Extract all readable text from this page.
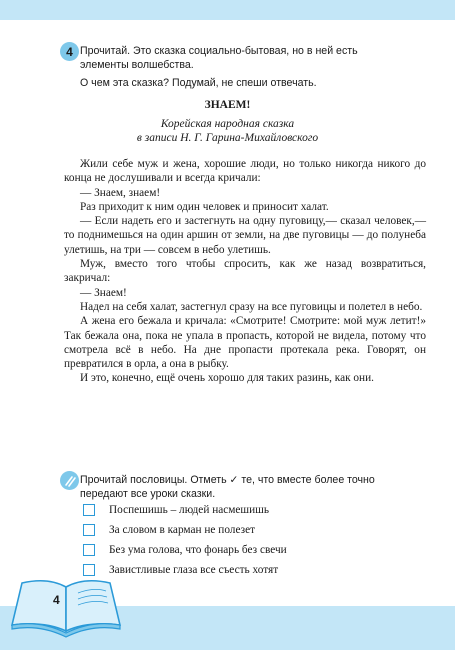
4 Прочитай. Это сказка социально-бытовая, но в ней есть

элементы волшебства.

О чем эта сказка? Подумай, не спеши отвечать.
ЗНАЕМ!
Корейская народная сказка
в записи Н. Г. Гарина-Михайловского

Жили себе муж и жена, хорошие люди, но только никогда никого до конца не дослушивали и всегда кричали:

— Знаем, знаем!

Раз приходит к ним один человек и приносит халат.

— Если надеть его и застегнуть на одну пуговицу,— сказал человек,— то поднимешься на один аршин от земли, на две пуговицы — до полунеба улетишь, на три — совсем в небо улетишь.

Муж, вместо того чтобы спросить, как же назад возвратиться, закричал:

— Знаем!

Надел на себя халат, застегнул сразу на все пуговицы и полетел в небо.

А жена его бежала и кричала: «Смотрите! Смотрите: мой муж летит!» Так бежала она, пока не упала в пропасть, которой не видела, потому что смотрела всё в небо. На дне пропасти протекала река. Говорят, он превратился в орла, а она в рыбку.

И это, конечно, ещё очень хорошо для таких разинь, как они.

Прочитай пословицы. Отметь ✓ те, что вместе более точно

передают все уроки сказки.

Поспешишь – людей насмешишь
За словом в карман не полезет
Без ума голова, что фонарь без свечи
Завистливые глаза все съесть хотят
4
